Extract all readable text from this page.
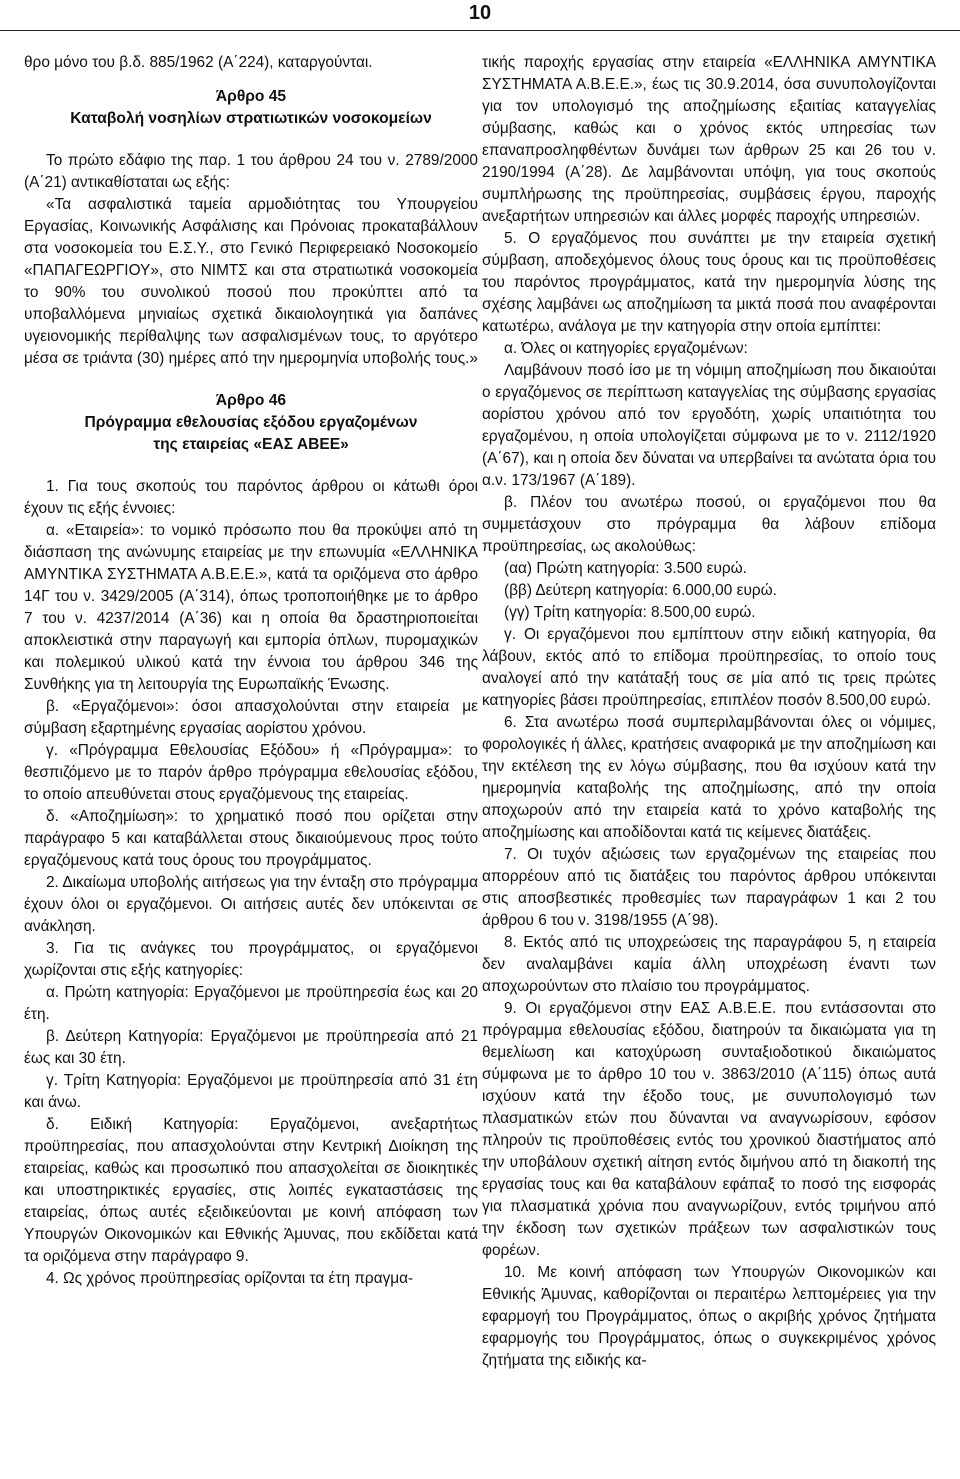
10

θρο μόνο του β.δ. 885/1962 (Α΄224), καταργούνται.

Άρθρο 45
Καταβολή νοσηλίων στρατιωτικών νοσοκομείων

Το πρώτο εδάφιο της παρ. 1 του άρθρου 24 του ν. 2789/2000 (Α΄21) αντικαθίσταται ως εξής:

«Τα ασφαλιστικά ταμεία αρμοδιότητας του Υπουργείου Εργασίας, Κοινωνικής Ασφάλισης και Πρόνοιας προκαταβάλλουν στα νοσοκομεία του Ε.Σ.Υ., στο Γενικό Περιφερειακό Νοσοκομείο «ΠΑΠΑΓΕΩΡΓΙΟΥ», στο ΝΙΜΤΣ και στα στρατιωτικά νοσοκομεία το 90% του συνολικού ποσού που προκύπτει από τα υποβαλλόμενα μηνιαίως σχετικά δικαιολογητικά για δαπάνες υγειονομικής περίθαλψης των ασφαλισμένων τους, το αργότερο μέσα σε τριάντα (30) ημέρες από την ημερομηνία υποβολής τους.»

Άρθρο 46
Πρόγραμμα εθελουσίας εξόδου εργαζομένων
της εταιρείας «ΕΑΣ ΑΒΕΕ»

1. Για τους σκοπούς του παρόντος άρθρου οι κάτωθι όροι έχουν τις εξής έννοιες:

α. «Εταιρεία»: το νομικό πρόσωπο που θα προκύψει από τη διάσπαση της ανώνυμης εταιρείας με την επωνυμία «ΕΛΛΗΝΙΚΑ ΑΜΥΝΤΙΚΑ ΣΥΣΤΗΜΑΤΑ Α.Β.Ε.Ε.», κατά τα οριζόμενα στο άρθρο 14Γ του ν. 3429/2005 (Α΄314), όπως τροποποιήθηκε με το άρθρο 7 του ν. 4237/2014 (Α΄36) και η οποία θα δραστηριοποιείται αποκλειστικά στην παραγωγή και εμπορία όπλων, πυρομαχικών και πολεμικού υλικού κατά την έννοια του άρθρου 346 της Συνθήκης για τη λειτουργία της Ευρωπαϊκής Ένωσης.

β. «Εργαζόμενοι»: όσοι απασχολούνται στην εταιρεία με σύμβαση εξαρτημένης εργασίας αορίστου χρόνου.

γ. «Πρόγραμμα Εθελουσίας Εξόδου» ή «Πρόγραμμα»: το θεσπιζόμενο με το παρόν άρθρο πρόγραμμα εθελουσίας εξόδου, το οποίο απευθύνεται στους εργαζόμενους της εταιρείας.

δ. «Αποζημίωση»: το χρηματικό ποσό που ορίζεται στην παράγραφο 5 και καταβάλλεται στους δικαιούμενους προς τούτο εργαζόμενους κατά τους όρους του προγράμματος.

2. Δικαίωμα υποβολής αιτήσεως για την ένταξη στο πρόγραμμα έχουν όλοι οι εργαζόμενοι. Οι αιτήσεις αυτές δεν υπόκεινται σε ανάκληση.

3. Για τις ανάγκες του προγράμματος, οι εργαζόμενοι χωρίζονται στις εξής κατηγορίες:

α. Πρώτη κατηγορία: Εργαζόμενοι με προϋπηρεσία έως και 20 έτη.

β. Δεύτερη Κατηγορία: Εργαζόμενοι με προϋπηρεσία από 21 έως και 30 έτη.

γ. Τρίτη Κατηγορία: Εργαζόμενοι με προϋπηρεσία από 31 έτη και άνω.

δ. Ειδική Κατηγορία: Εργαζόμενοι, ανεξαρτήτως προϋπηρεσίας, που απασχολούνται στην Κεντρική Διοίκηση της εταιρείας, καθώς και προσωπικό που απασχολείται σε διοικητικές και υποστηρικτικές εργασίες, στις λοιπές εγκαταστάσεις της εταιρείας, όπως αυτές εξειδικεύονται με κοινή απόφαση των Υπουργών Οικονομικών και Εθνικής Άμυνας, που εκδίδεται κατά τα οριζόμενα στην παράγραφο 9.

4. Ως χρόνος προϋπηρεσίας ορίζονται τα έτη πραγμα-

τικής παροχής εργασίας στην εταιρεία «ΕΛΛΗΝΙΚΑ ΑΜΥΝΤΙΚΑ ΣΥΣΤΗΜΑΤΑ Α.Β.Ε.Ε.», έως τις 30.9.2014, όσα συνυπολογίζονται για τον υπολογισμό της αποζημίωσης εξαιτίας καταγγελίας σύμβασης, καθώς και ο χρόνος εκτός υπηρεσίας των επαναπροσληφθέντων δυνάμει των άρθρων 25 και 26 του ν. 2190/1994 (Α΄28). Δε λαμβάνονται υπόψη, για τους σκοπούς συμπλήρωσης της προϋπηρεσίας, συμβάσεις έργου, παροχής ανεξαρτήτων υπηρεσιών και άλλες μορφές παροχής υπηρεσιών.

5. Ο εργαζόμενος που συνάπτει με την εταιρεία σχετική σύμβαση, αποδεχόμενος όλους τους όρους και τις προϋποθέσεις του παρόντος προγράμματος, κατά την ημερομηνία λύσης της σχέσης λαμβάνει ως αποζημίωση τα μικτά ποσά που αναφέρονται κατωτέρω, ανάλογα με την κατηγορία στην οποία εμπίπτει:

α. Όλες οι κατηγορίες εργαζομένων:

Λαμβάνουν ποσό ίσο με τη νόμιμη αποζημίωση που δικαιούται ο εργαζόμενος σε περίπτωση καταγγελίας της σύμβασης εργασίας αορίστου χρόνου από τον εργοδότη, χωρίς υπαιτιότητα του εργαζομένου, η οποία υπολογίζεται σύμφωνα με το ν. 2112/1920 (Α΄67), και η οποία δεν δύναται να υπερβαίνει τα ανώτατα όρια του α.ν. 173/1967 (Α΄189).

β. Πλέον του ανωτέρω ποσού, οι εργαζόμενοι που θα συμμετάσχουν στο πρόγραμμα θα λάβουν επίδομα προϋπηρεσίας, ως ακολούθως:

(αα) Πρώτη κατηγορία: 3.500 ευρώ.

(ββ) Δεύτερη κατηγορία: 6.000,00 ευρώ.

(γγ) Τρίτη κατηγορία: 8.500,00 ευρώ.

γ. Οι εργαζόμενοι που εμπίπτουν στην ειδική κατηγορία, θα λάβουν, εκτός από το επίδομα προϋπηρεσίας, το οποίο τους αναλογεί από την κατάταξή τους σε μία από τις τρεις πρώτες κατηγορίες βάσει προϋπηρεσίας, επιπλέον ποσόν 8.500,00 ευρώ.

6. Στα ανωτέρω ποσά συμπεριλαμβάνονται όλες οι νόμιμες, φορολογικές ή άλλες, κρατήσεις αναφορικά με την αποζημίωση και την εκτέλεση της εν λόγω σύμβασης, που θα ισχύουν κατά την ημερομηνία καταβολής της αποζημίωσης, από την οποία αποχωρούν από την εταιρεία κατά το χρόνο καταβολής της αποζημίωσης και αποδίδονται κατά τις κείμενες διατάξεις.

7. Οι τυχόν αξιώσεις των εργαζομένων της εταιρείας που απορρέουν από τις διατάξεις του παρόντος άρθρου υπόκεινται στις αποσβεστικές προθεσμίες των παραγράφων 1 και 2 του άρθρου 6 του ν. 3198/1955 (Α΄98).

8. Εκτός από τις υποχρεώσεις της παραγράφου 5, η εταιρεία δεν αναλαμβάνει καμία άλλη υποχρέωση έναντι των αποχωρούντων στο πλαίσιο του προγράμματος.

9. Οι εργαζόμενοι στην ΕΑΣ Α.Β.Ε.Ε. που εντάσσονται στο πρόγραμμα εθελουσίας εξόδου, διατηρούν τα δικαιώματα για τη θεμελίωση και κατοχύρωση συνταξιοδοτικού δικαιώματος σύμφωνα με το άρθρο 10 του ν. 3863/2010 (Α΄115) όπως αυτά ισχύουν κατά την έξοδο τους, με συνυπολογισμό των πλασματικών ετών που δύνανται να αναγνωρίσουν, εφόσον πληρούν τις προϋποθέσεις εντός του χρονικού διαστήματος από την υποβάλουν σχετική αίτηση εντός διμήνου από τη διακοπή της εργασίας τους και θα καταβάλουν εφάπαξ το ποσό της εισφοράς για πλασματικά χρόνια που αναγνωρίζουν, εντός τριμήνου από την έκδοση των σχετικών πράξεων των ασφαλιστικών τους φορέων.

10. Με κοινή απόφαση των Υπουργών Οικονομικών και Εθνικής Άμυνας, καθορίζονται οι περαιτέρω λεπτομέρειες για την εφαρμογή του Προγράμματος, όπως ο ακριβής χρόνος ζητήματα εφαρμογής του Προγράμματος, όπως ο συγκεκριμένος χρόνος ζητήματα της ειδικής κα-
